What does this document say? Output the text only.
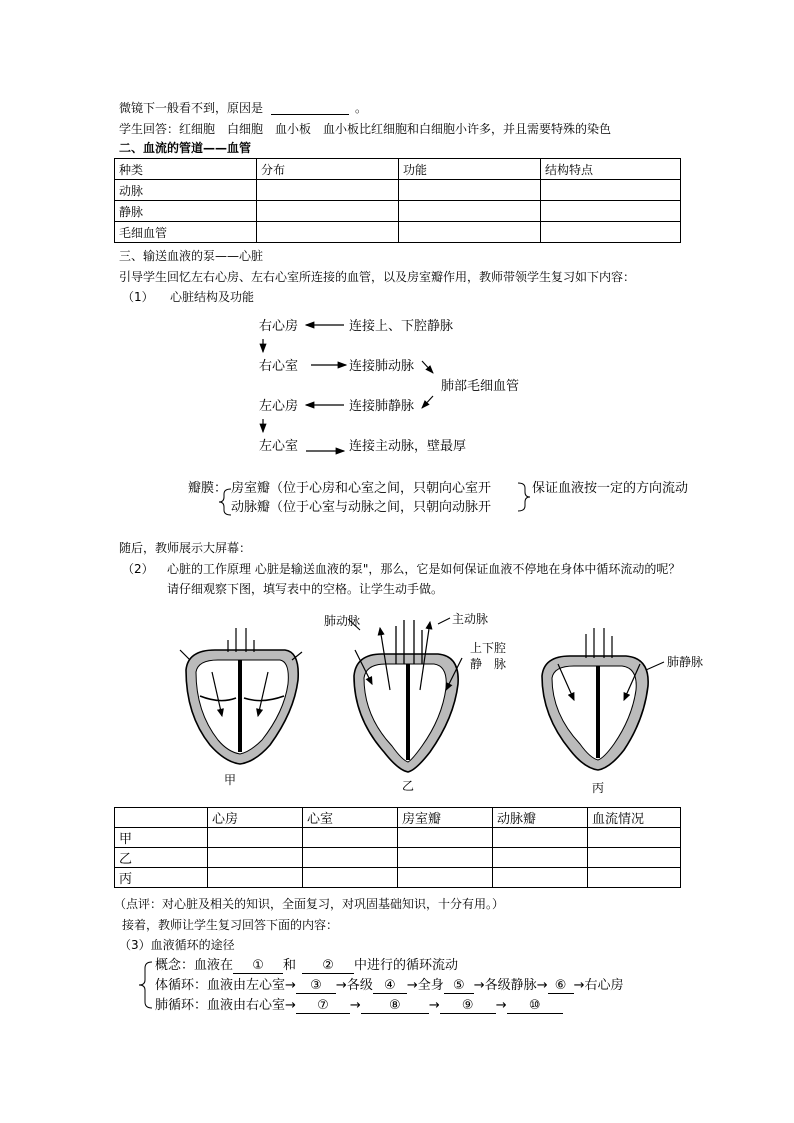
微镜下一般看不到，原因是	。
学生回答：红细胞　白细胞　血小板　血小板比红细胞和白细胞小许多，并且需要特殊的染色
二、血流的管道——血管
种类	分布	功能	结构特点
动脉			
静脉			
毛细血管			
三、输送血液的泵——心脏
引导学生回忆左右心房、左右心室所连接的血管，以及房室瓣作用，教师带领学生复习如下内容：
（1） 心脏结构及功能
右心房	连接上、下腔静脉
右心室	连接肺动脉
肺部毛细血管
左心房	连接肺静脉
左心室	连接主动脉，壁最厚
瓣膜： 房室瓣（位于心房和心室之间，只朝向心室开
动脉瓣（位于心室与动脉之间，只朝向动脉开
保证血液按一定的方向流动
随后，教师展示大屏幕：
（2） 心脏的工作原理 心脏是输送血液的泵"，那么，它是如何保证血液不停地在身体中循环流动的呢？
请仔细观察下图，填写表中的空格。让学生动手做。
肺动脉	主动脉
上下腔
静　脉	肺静脉
甲	乙	丙
	心房	心室	房室瓣	动脉瓣	血流情况
甲					
乙					
丙					
（点评：对心脏及相关的知识，全面复习，对巩固基础知识，十分有用。）
接着，教师让学生复习回答下面的内容：
（3）血液循环的途径
概念：血液在 ① 和 ② 中进行的循环流动
体循环：血液由左心室→ ③ →各级 ④ →全身 ⑤ →各级静脉→ ⑥ →右心房
肺循环：血液由右心室→ ⑦ → ⑧ → ⑨ → ⑩
